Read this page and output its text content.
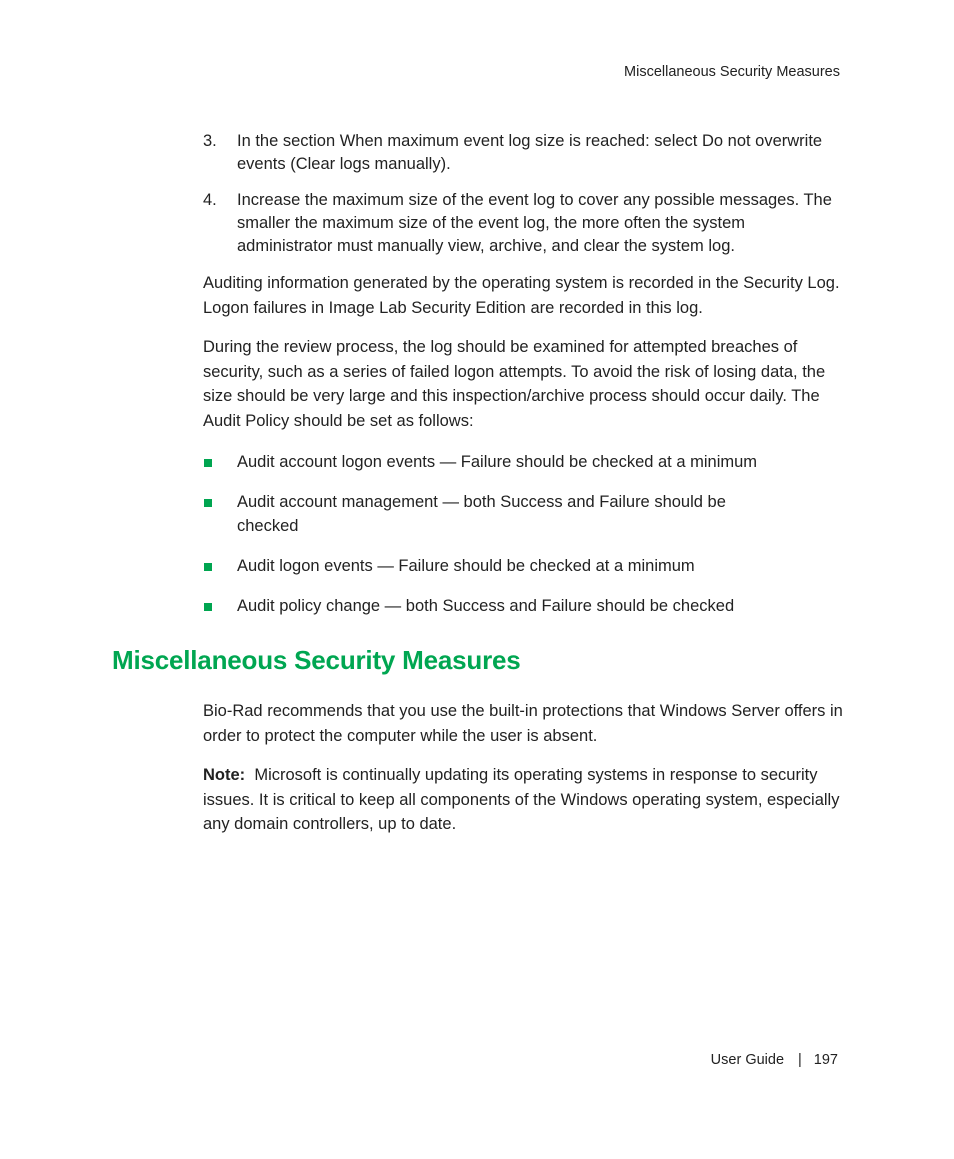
Miscellaneous Security Measures
3.	In the section When maximum event log size is reached: select Do not overwrite events (Clear logs manually).
4.	Increase the maximum size of the event log to cover any possible messages. The smaller the maximum size of the event log, the more often the system administrator must manually view, archive, and clear the system log.

Auditing information generated by the operating system is recorded in the Security Log. Logon failures in Image Lab Security Edition are recorded in this log.

During the review process, the log should be examined for attempted breaches of security, such as a series of failed logon attempts. To avoid the risk of losing data, the size should be very large and this inspection/archive process should occur daily. The Audit Policy should be set as follows:

Audit account logon events — Failure should be checked at a minimum
Audit account management — both Success and Failure should be checked
Audit logon events — Failure should be checked at a minimum
Audit policy change — both Success and Failure should be checked
Miscellaneous Security Measures

Bio-Rad recommends that you use the built-in protections that Windows Server offers in order to protect the computer while the user is absent.

Note: Microsoft is continually updating its operating systems in response to security issues. It is critical to keep all components of the Windows operating system, especially any domain controllers, up to date.

User Guide | 197
